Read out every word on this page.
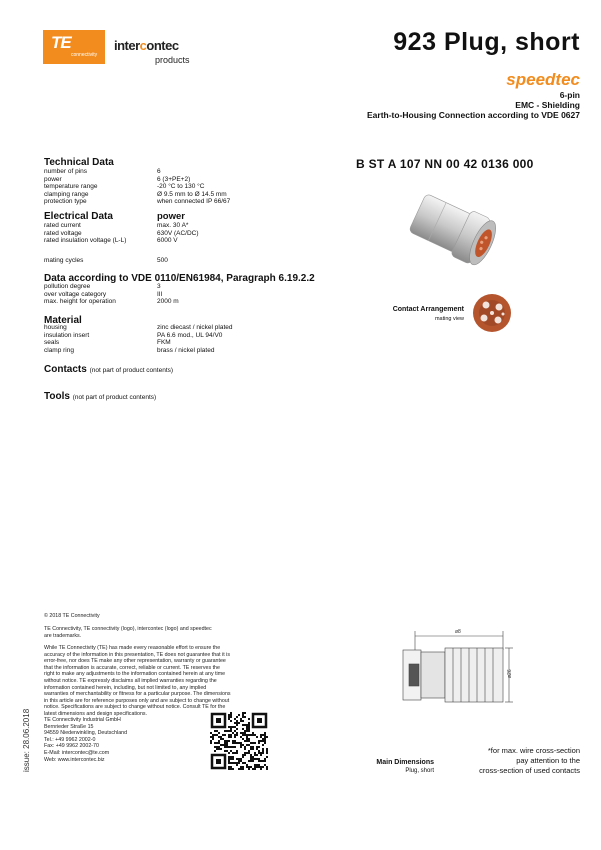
TE
connectivity
intercontec
products
923 Plug, short
speedtec
6-pin
EMC - Shielding
Earth-to-Housing Connection according to VDE 0627
B ST A 107 NN 00 42 0136 000
Technical Data
number of pins	6
power	6 (3+PE+2)
temperature range	-20 °C to 130 °C
clamping range	Ø 9.5 mm to Ø 14.5 mm
protection type	when connected IP 66/67
Electrical Data	power
rated current	max. 30 A*
rated voltage	630V (AC/DC)
rated insulation voltage (L-L)	6000 V
mating cycles	500
Data according to VDE 0110/EN61984, Paragraph 6.19.2.2
pollution degree	3
over voltage category	III
max. height for operation	2000 m
Material
housing	zinc diecast / nickel plated
insulation insert	PA 6.6 mod., UL 94/V0
seals	FKM
clamp ring	brass / nickel plated
Contacts (not part of product contents)
Tools (not part of product contents)
Contact Arrangement
mating view
© 2018 TE Connectivity
TE Connectivity, TE connectivity (logo), intercontec (logo) and speedtec
are trademarks.
While TE Connectivity (TE) has made every reasonable effort to ensure the
accuracy of the information in this presentation, TE does not guarantee that it is
error-free, nor does TE make any other representation, warranty or guarantee
that the information is accurate, correct, reliable or current. TE reserves the
right to make any adjustments to the information contained herein at any time
without notice. TE expressly disclaims all implied warranties regarding the
information contained herein, including, but not limited to, any implied
warranties of merchantability or fitness for a particular purpose. The dimensions
in this article are for reference purposes only and are subject to change without
notice. Specifications are subject to change without notice. Consult TE for the
latest dimensions and design specifications.
TE Connectivity Industrial GmbH
Bernrieder Straße 15
94559 Niederwinkling, Deutschland
Tel.: +49 9962 2002-0
Fax: +49 9962 2002-70
E-Mail: intercontec@te.com
Web: www.intercontec.biz
issue: 28.06.2018
ø8
ø26
Main Dimensions
Plug, short
*for max. wire cross-section
pay attention to the
cross-section of used contacts
